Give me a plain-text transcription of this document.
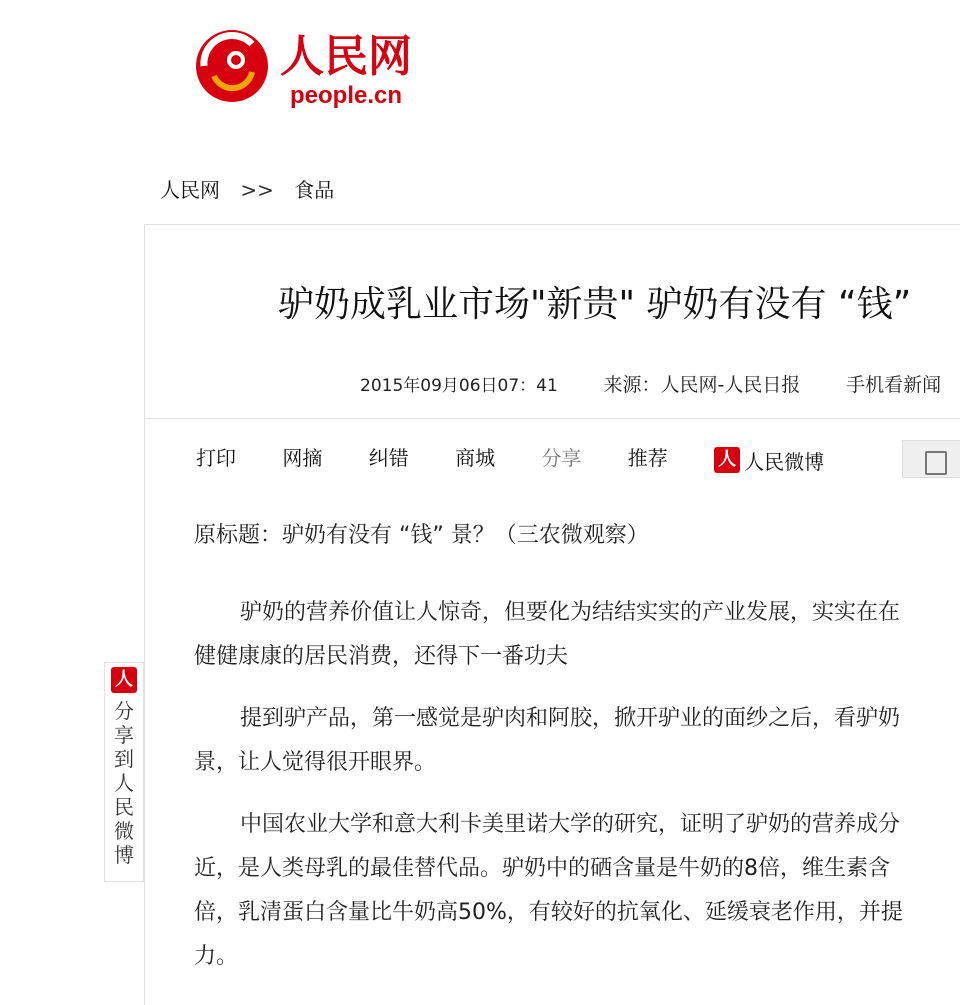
人民网
people.cn
人民网 >> 食品
驴奶成乳业市场"新贵" 驴奶有没有 “钱”
2015年09月06日07：41 来源：人民网-人民日报 手机看新闻
打印 网摘 纠错 商城 分享 推荐	人 人民微博
原标题：驴奶有没有 “钱” 景？（三农微观察）
驴奶的营养价值让人惊奇，但要化为结结实实的产业发展，实实在在
健健康康的居民消费，还得下一番功夫
提到驴产品，第一感觉是驴肉和阿胶，掀开驴业的面纱之后，看驴奶
景，让人觉得很开眼界。
中国农业大学和意大利卡美里诺大学的研究，证明了驴奶的营养成分
近，是人类母乳的最佳替代品。驴奶中的硒含量是牛奶的8倍，维生素含
倍，乳清蛋白含量比牛奶高50%，有较好的抗氧化、延缓衰老作用，并提
力。
人
分享到人民微博
